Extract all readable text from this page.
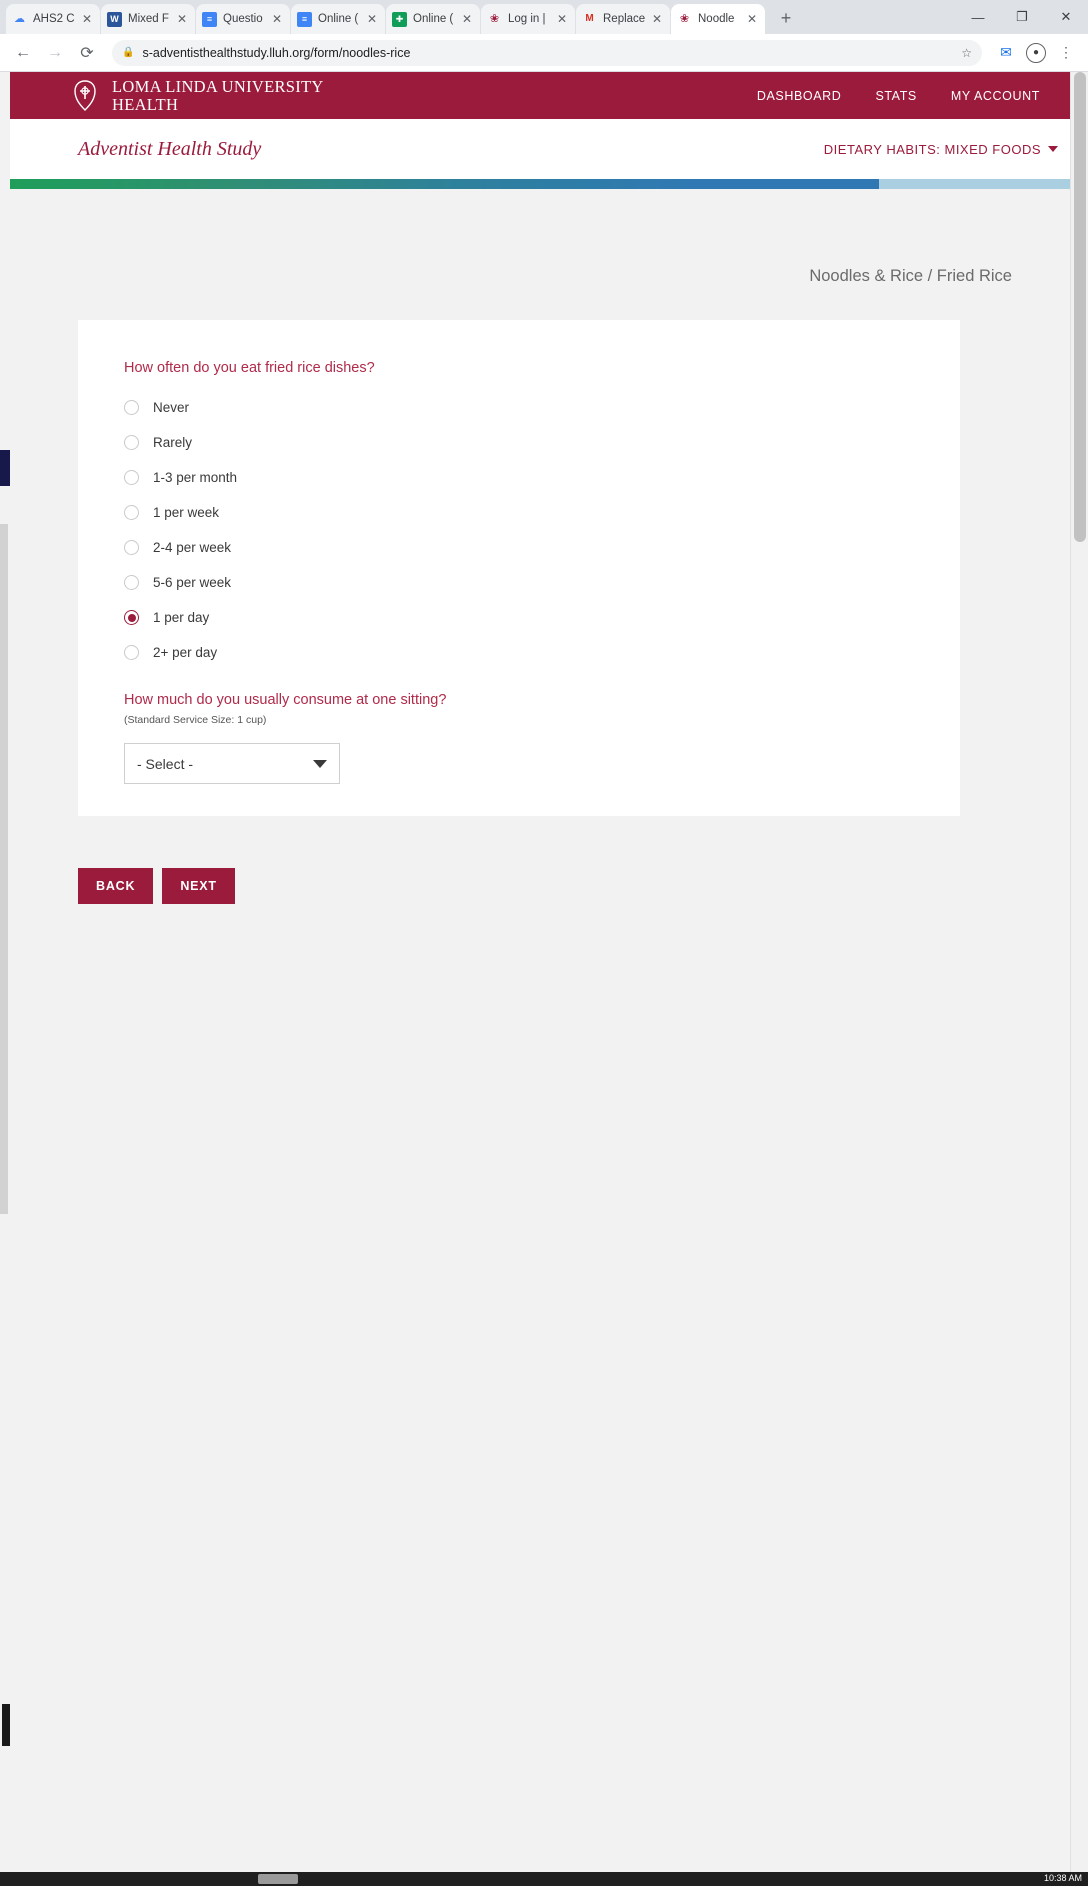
☁ AHS2 C ✕	W Mixed F ✕	≡ Questio ✕	≡ Online ( ✕	✚ Online ( ✕ ❀ Log in | ✕	M Replace ✕ ❀ Noodle	✕	+	—	❐	✕
←	→	⟳	🔒 s-adventisthealthstudy.lluh.org/form/noodles-rice	☆	✉	●	⋮
LOMA LINDA UNIVERSITY
HEALTH	DASHBOARD	STATS	MY ACCOUNT
Adventist Health Study	DIETARY HABITS: MIXED FOODS
Noodles & Rice / Fried Rice
How often do you eat fried rice dishes?
Never
Rarely
1-3 per month
1 per week
2-4 per week
5-6 per week
1 per day
2+ per day
How much do you usually consume at one sitting?
(Standard Service Size: 1 cup)
- Select -
BACK	NEXT
10:38 AM
